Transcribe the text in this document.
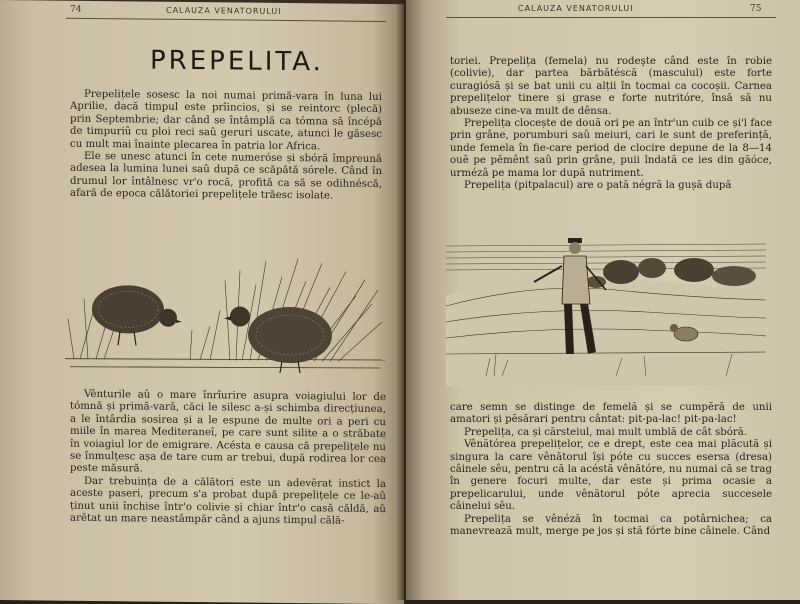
74	CALAUZA VENATORULUI
PREPELITA.

Prepelițele sosesc la noi numai primă-vara în luna lui Aprilie, dacă timpul este prîincios, și se reintorc (plecă) prin Septembrie; dar când se întâmplă ca tómna să încépă de timpuriû cu ploi reci saû geruri uscate, atunci le găsesc cu mult mai înainte plecarea în patria lor Africa.

Ele se unesc atunci în cete numeróse și sbóră împreună adesea la lumina lunei saû după ce scăpătă sórele. Când în drumul lor întâlnesc vr'o rocă, profită ca să se odihnéscă, afară de epoca călătoriei prepelițele trăesc isolate.

Vênturile aû o mare înrîurire asupra voiagiului lor de tómnă și primă-vară, căci le silesc a-și schimba direcțiunea, a le întârdia sosirea și a le espune de multe ori a peri cu miile în marea Mediteraneî, pe care sunt silite a o străbate în voiagiul lor de emigrare. Acésta e causa că prepelițele nu se înmulțesc așa de tare cum ar trebui, după rodirea lor cea peste măsură.

Dar trebuința de a călători este un adevĕrat instict la aceste paseri, precum s'a probat după prepelițele ce le-aû ținut unii închise într'o colivie și chiar într'o casă căldă, aû arĕtat un mare neastâmpăr când a ajuns timpul călă-

CALAUZA VENATORULUI	75

toriei. Prepelița (femela) nu rodeşte când este în robie (colivie), dar partea bărbătéscă (masculul) este forte curagiósă și se bat unii cu alții în tocmai ca cocoșii. Carnea prepelițelor tinere și grase e forte nutritóre, însă să nu abuseze cine-va mult de dênsa.

Prepelița clocește de două ori pe an într'un cuib ce și'l face prin grâne, porumburi saû meiuri, cari le sunt de preferință, unde femela în fie-care period de clocire depune de la 8—14 ouĕ pe pĕmênt saû prin grâne, puii îndată ce ies din găóce, urmézâ pe mama lor după nutriment.

Prepelița (pitpalacul) are o pată négră la gușă după

care semn se distinge de femelă și se cumpĕră de unii amatori și pĕsărari pentru cântat: pit-pa-lac! pit-pa-lac!

Prepelița, ca și cărsteiul, mai mult umblă de cât sbóră.

Vênătórea prepelițelor, ce e drept, este cea mai plăcută și singura la care vênătorul își póte cu succes esersa (dresa) câinele sêu, pentru că la acéstă vênătóre, nu numai că se trag în genere focuri multe, dar este și prima ocasie a prepelicarului, unde vênătorul póte aprecia succesele câinelui sêu.

Prepelița se vênéză în tocmai ca potârnichea; ca manevrează mult, merge pe jos și stă fórte bine câinele. Când
